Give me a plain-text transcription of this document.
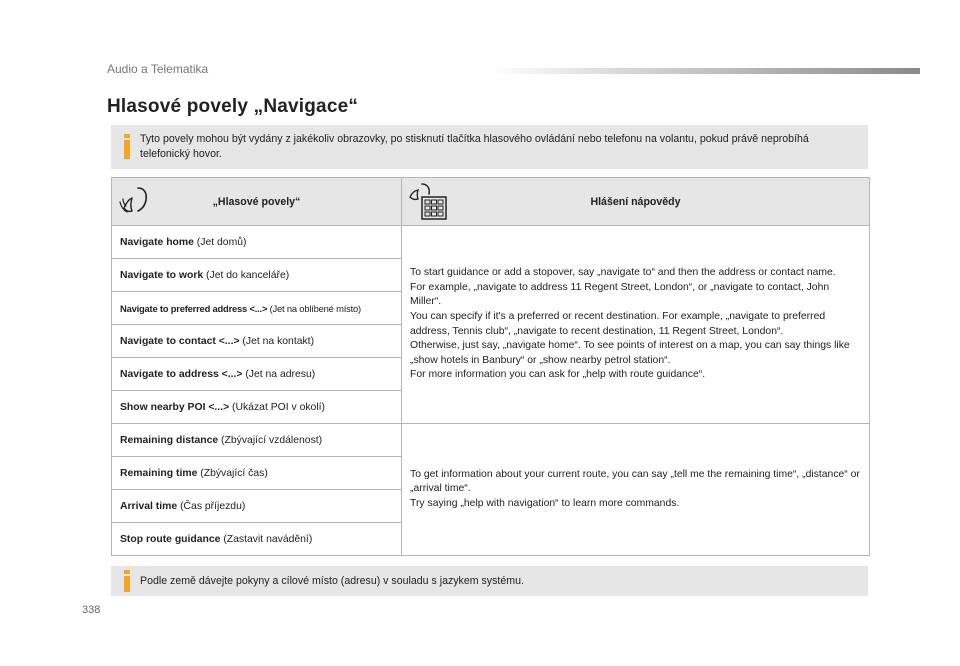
Audio a Telematika
Hlasové povely „Navigace“
Tyto povely mohou být vydány z jakékoliv obrazovky, po stisknutí tlačítka hlasového ovládání nebo telefonu na volantu, pokud právě neprobíhá telefonický hovor.
„Hlasové povely“	Hlášení nápovědy

Navigate home (Jet domů)	To start guidance or add a stopover, say „navigate to“ and then the address or contact name.
For example, „navigate to address 11 Regent Street, London“, or „navigate to contact, John Miller“.
You can specify if it's a preferred or recent destination. For example, „navigate to preferred address, Tennis club“, „navigate to recent destination, 11 Regent Street, London“.
Otherwise, just say, „navigate home“. To see points of interest on a map, you can say things like „show hotels in Banbury“ or „show nearby petrol station“.
For more information you can ask for „help with route guidance“.

Navigate to work (Jet do kanceláře)	
Navigate to preferred address <...> (Jet na oblíbené místo)	
Navigate to contact <...> (Jet na kontakt)	
Navigate to address <...> (Jet na adresu)	
Show nearby POI <...> (Ukázat POI v okolí)	
Remaining distance (Zbývající vzdálenost)	To get information about your current route, you can say „tell me the remaining time“, „distance“ or „arrival time“.
Try saying „help with navigation“ to learn more commands.

Remaining time (Zbývající čas)	
Arrival time (Čas příjezdu)	
Stop route guidance (Zastavit navádění)	
Podle země dávejte pokyny a cílové místo (adresu) v souladu s jazykem systému.
338
